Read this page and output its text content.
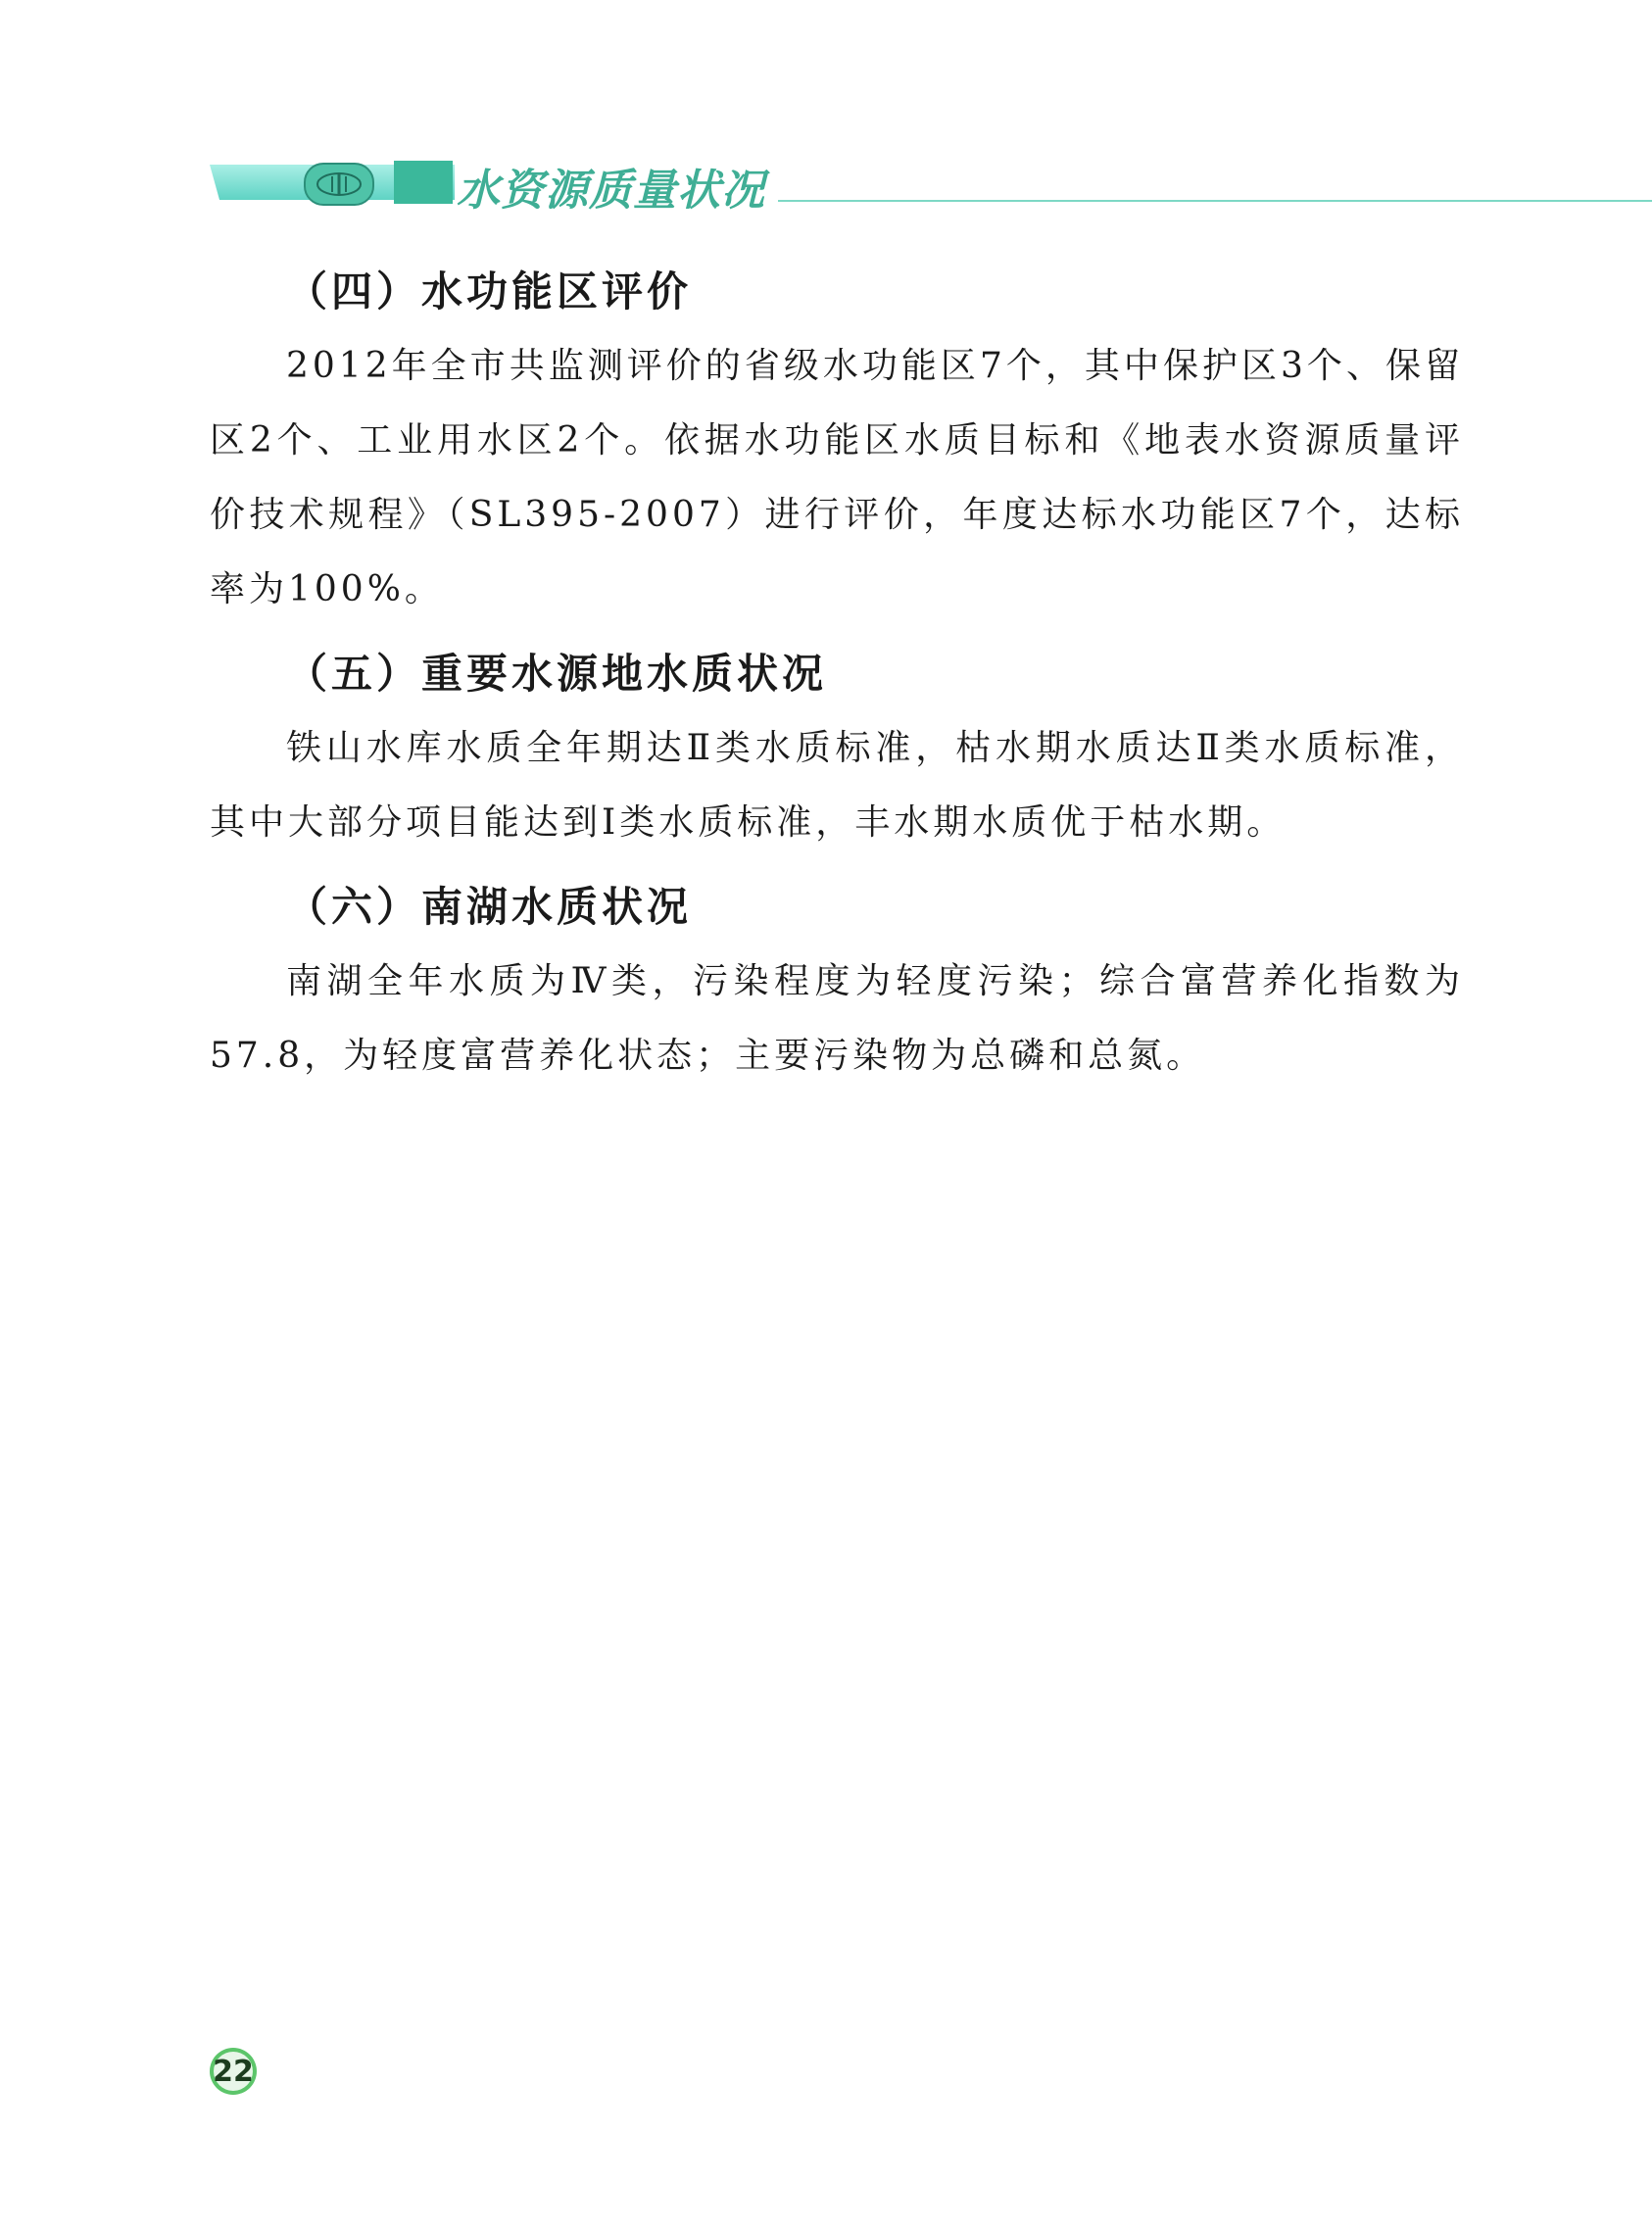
水资源质量状况
（四）水功能区评价

2012年全市共监测评价的省级水功能区7个，其中保护区3个、保留区2个、工业用水区2个。依据水功能区水质目标和《地表水资源质量评价技术规程》（SL395-2007）进行评价，年度达标水功能区7个，达标率为100%。

（五）重要水源地水质状况

铁山水库水质全年期达Ⅱ类水质标准，枯水期水质达Ⅱ类水质标准，其中大部分项目能达到Ⅰ类水质标准，丰水期水质优于枯水期。

（六）南湖水质状况

南湖全年水质为Ⅳ类，污染程度为轻度污染；综合富营养化指数为57.8，为轻度富营养化状态；主要污染物为总磷和总氮。

22
